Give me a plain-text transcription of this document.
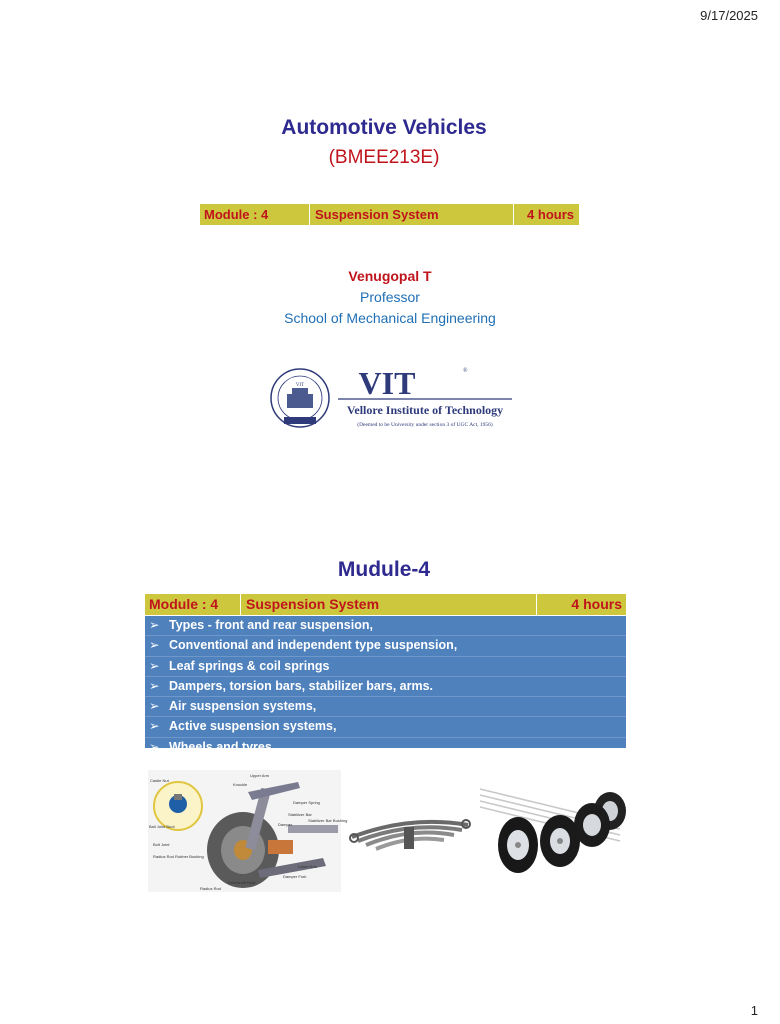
9/17/2025
Automotive Vehicles
(BMEE213E)
Module : 4	Suspension System	4 hours
Venugopal T
Professor
School of Mechanical Engineering
VIT VIT	®
Vellore Institute of Technology
(Deemed to be University under section 3 of UGC Act, 1956)
Mudule-4
Module : 4	Suspension System	4 hours
➢ Types - front and rear suspension,
➢ Conventional and independent type suspension,
➢ Leaf springs & coil springs
➢ Dampers, torsion bars, stabilizer bars, arms.
➢ Air suspension systems,
➢ Active suspension systems,
➢ Wheels and tyres.
Castle Nut
Upper Arm
Knuckle
Damper Spring
Stabilizer Bar
Stabilizer Bar Bushing
Ball Joint Boot
Bolt Joint
Damper
Radius Rod Rubber Bushing
Lower Arm
Damper Fork
Driveshaft Boot
Radius Rod
1
